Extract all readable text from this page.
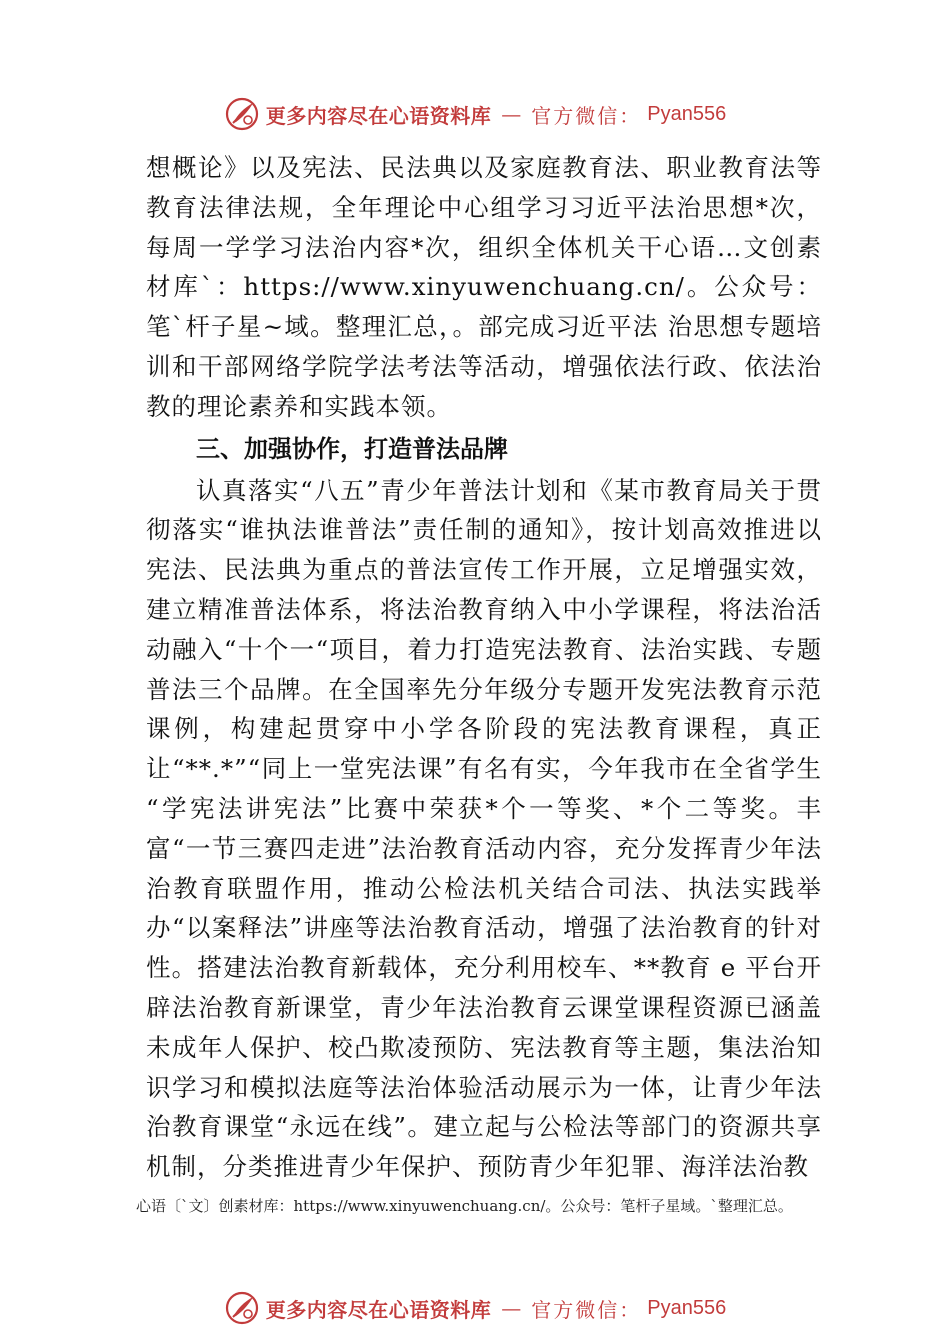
更多内容尽在心语资料库 — 官方微信： Pyan556

想概论》以及宪法、民法典以及家庭教育法、职业教育法等教育法律法规，全年理论中心组学习习近平法治思想*次，每周一学学习法治内容*次，组织全体机关干心语…文创素材库`：https://www.xinyuwenchuang.cn/。公众号：笔`杆子星~域。整理汇总，。部完成习近平法 治思想专题培训和干部网络学院学法考法等活动，增强依法行政、依法治教的理论素养和实践本领。

三、加强协作，打造普法品牌

认真落实“八五”青少年普法计划和《某市教育局关于贯彻落实“谁执法谁普法”责任制的通知》，按计划高效推进以宪法、民法典为重点的普法宣传工作开展，立足增强实效， 建立精准普法体系，将法治教育纳入中小学课程，将法治活动融入“十个一“项目，着力打造宪法教育、法治实践、专题普法三个品牌。在全国率先分年级分专题开发宪法教育示范课例，构建起贯穿中小学各阶段的宪法教育课程，真正让“**.*”“同上一堂宪法课”有名有实，今年我市在全省学生 “学宪法讲宪法”比赛中荣获*个一等奖、*个二等奖。丰富“一节三赛四走进”法治教育活动内容，充分发挥青少年法治教育联盟作用，推动公检法机关结合司法、执法实践举办“以案释法”讲座等法治教育活动，增强了法治教育的针对性。搭建法治教育新载体，充分利用校车、**教育 e 平台开辟法治教育新课堂，青少年法治教育云课堂课程资源已涵盖未成年人保护、校凸欺凌预防、宪法教育等主题，集法治知识学习和模拟法庭等法治体验活动展示为一体，让青少年法治教育课堂“永远在线”。建立起与公检法等部门的资源共享机制，分类推进青少年保护、预防青少年犯罪、海洋法治教

心语〔`文〕创素材库：https://www.xinyuwenchuang.cn/。公众号：笔杆子星域。`整理汇总。
更多内容尽在心语资料库 — 官方微信： Pyan556
